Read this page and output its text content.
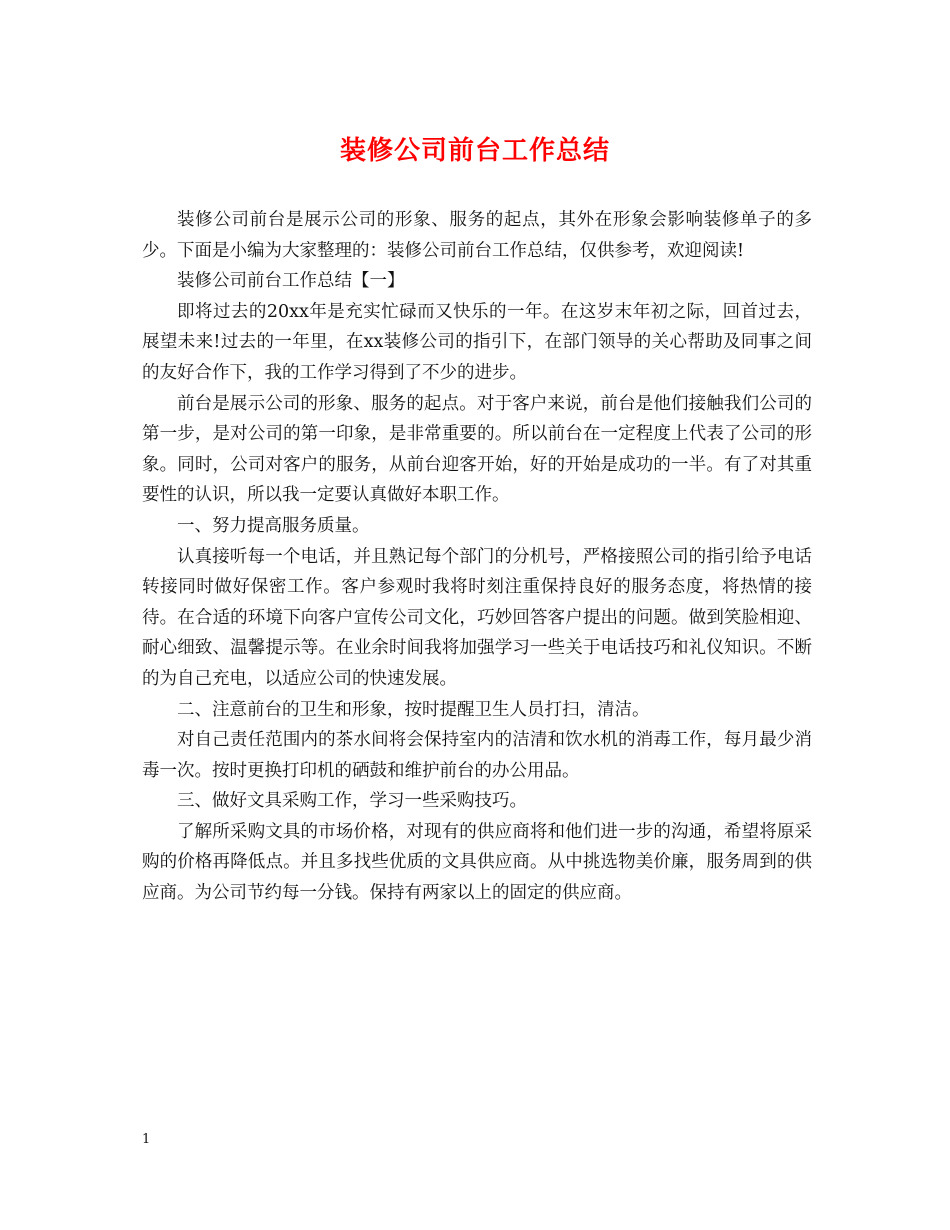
装修公司前台工作总结

装修公司前台是展示公司的形象、服务的起点，其外在形象会影响装修单子的多少。下面是小编为大家整理的：装修公司前台工作总结，仅供参考，欢迎阅读!

装修公司前台工作总结【一】

即将过去的20xx年是充实忙碌而又快乐的一年。在这岁末年初之际，回首过去，展望未来!过去的一年里，在xx装修公司的指引下，在部门领导的关心帮助及同事之间的友好合作下，我的工作学习得到了不少的进步。

前台是展示公司的形象、服务的起点。对于客户来说，前台是他们接触我们公司的第一步，是对公司的第一印象，是非常重要的。所以前台在一定程度上代表了公司的形象。同时，公司对客户的服务，从前台迎客开始，好的开始是成功的一半。有了对其重要性的认识，所以我一定要认真做好本职工作。

一、努力提高服务质量。

认真接听每一个电话，并且熟记每个部门的分机号，严格接照公司的指引给予电话转接同时做好保密工作。客户参观时我将时刻注重保持良好的服务态度，将热情的接待。在合适的环境下向客户宣传公司文化，巧妙回答客户提出的问题。做到笑脸相迎、耐心细致、温馨提示等。在业余时间我将加强学习一些关于电话技巧和礼仪知识。不断的为自己充电，以适应公司的快速发展。

二、注意前台的卫生和形象，按时提醒卫生人员打扫，清洁。

对自己责任范围内的茶水间将会保持室内的洁清和饮水机的消毒工作，每月最少消毒一次。按时更换打印机的硒鼓和维护前台的办公用品。

三、做好文具采购工作，学习一些采购技巧。

了解所采购文具的市场价格，对现有的供应商将和他们进一步的沟通，希望将原采购的价格再降低点。并且多找些优质的文具供应商。从中挑选物美价廉，服务周到的供应商。为公司节约每一分钱。保持有两家以上的固定的供应商。

1
